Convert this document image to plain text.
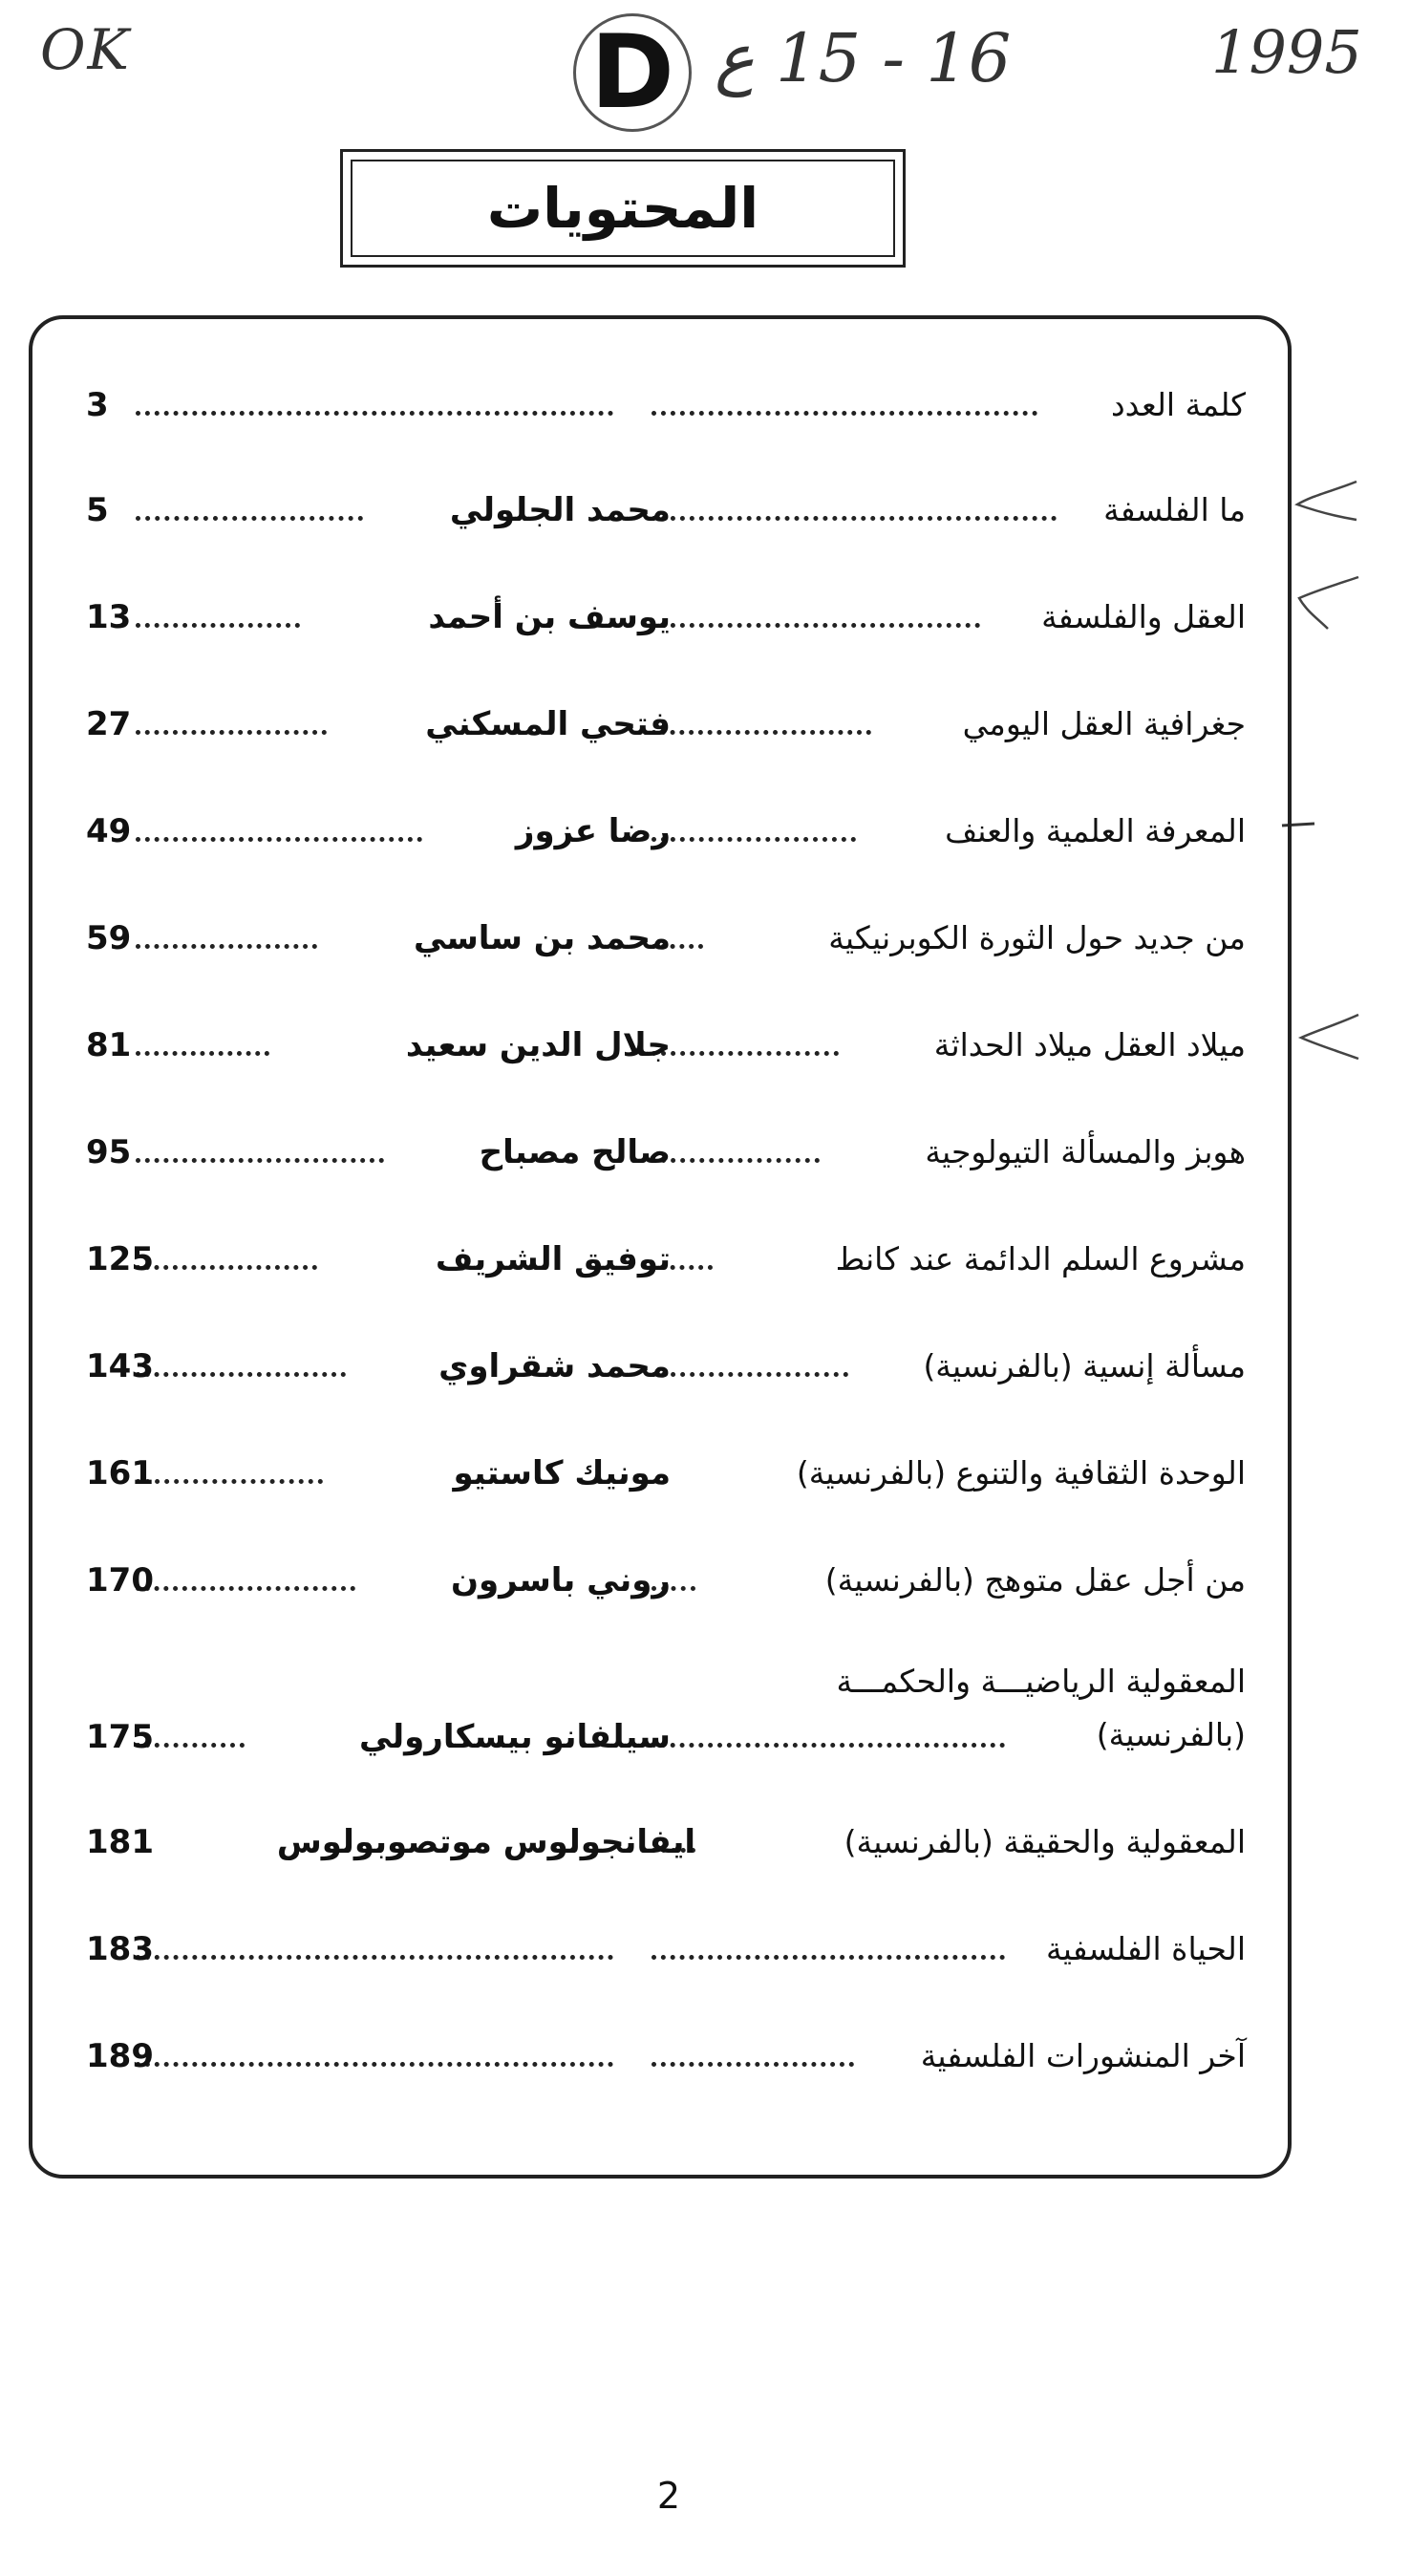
OK	D 16 - 15 ع	1995
المحتويات
كلمة العدد
3
ما الفلسفة
محمد الجلولي
5
العقل والفلسفة
يوسف بن أحمد
13
جغرافية العقل اليومي
فتحي المسكني
27
المعرفة العلمية والعنف
رضا عزوز
49
من جديد حول الثورة الكوبرنيكية
محمد بن ساسي
59
ميلاد العقل ميلاد الحداثة
جلال الدين سعيد
81
هوبز والمسألة التيولوجية
صالح مصباح
95
مشروع السلم الدائمة عند كانط
توفيق الشريف
125
مسألة إنسية (بالفرنسية)
محمد شقراوي
143
الوحدة الثقافية والتنوع (بالفرنسية)
مونيك كاستيو
161
من أجل عقل متوهج (بالفرنسية)
روني باسرون
170
المعقولية الرياضيـــة والحكمـــة
(بالفرنسية)
سيلفانو بيسكارولي
175
المعقولية والحقيقة (بالفرنسية)
ايفانجولوس موتصوبولوس
181
الحياة الفلسفية
183
آخر المنشورات الفلسفية
189
2
